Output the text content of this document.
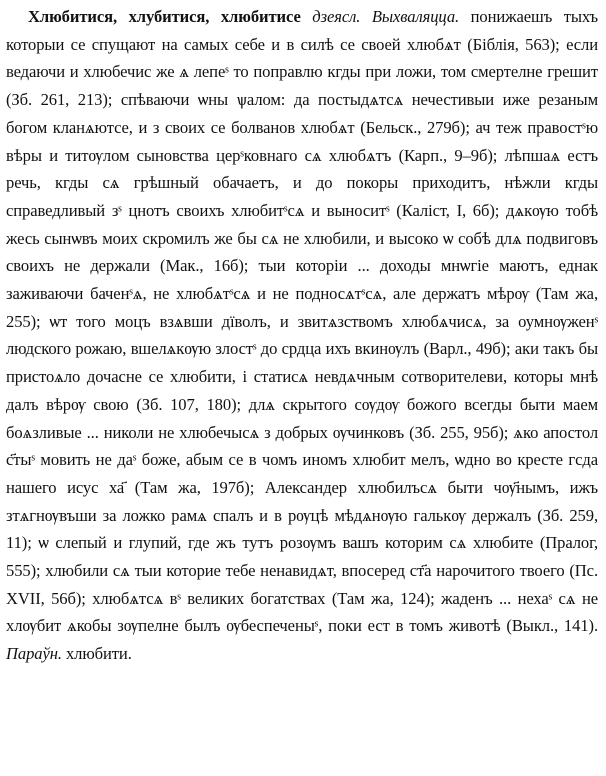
Хлюбитися, хлубитися, хлюбитисе дзеясл. Выхваляцца. понижаешъ тыхъ которыи се спущают на самых себе и в силѣ се своей хлюбѧт (Біблія, 563); если ведаючи и хлюбечис же ѧ лепеˢ то поправлю кгды при ложи, том смертелне грешит (Зб. 261, 213); спѣваючи ѡны ѱалом: да постыдѧтсѧ нечестивыи иже резаным богом кланѧютсе, и з своих се болванов хлюбѧт (Бельск., 279б); ач теж правостˢю вѣры и титѹлом сыновства церˢковнаго сѧ хлюбѧтъ (Карп., 9–9б); лѣпшаѧ естъ речь, кгды сѧ грѣшный обачаетъ, и до покоры приходитъ, нѣжли кгды справедливый зˢ цнотъ своихъ хлюбитˢсѧ и выноситˢ (Каліст, I, 6б); дѧкѹю тобѣ жесь сынѡвъ моих скромилъ же бы сѧ не хлюбили, и высоко ѡ собѣ длѧ подвиговъ своихъ не держали (Мак., 16б); тыи которіи ... доходы мнѡгіе маютъ, еднак заживаючи баченˢѧ, не хлюбѧтˢсѧ и не подносѧтˢсѧ, але держатъ мѣрѹ (Там жа, 255); ѡт того моцъ взѧвши дїволъ, и звитѧзствомъ хлюбѧчисѧ, за оумнѹженˢ людского рожаю, вшелѧкѹю злостˢ до срдца ихъ вкинѹлъ (Варл., 49б); аки такъ бы пристоѧло дочасне се хлюбити, і статисѧ невдѧчным сотворителеви, которы мнѣ далъ вѣрѹ свою (Зб. 107, 180); длѧ скрытого сѹдѹ божого всегды быти маем боѧзливые ... николи не хлюбечысѧ з добрых ѹчинковъ (Зб. 255, 95б); ѧко апостол с҃тыˢ мовить не даˢ боже, абым се в чомъ иномъ хлюбит мелъ, ѡдно во кресте гсда нашего исус ха҃ (Там жа, 197б); Александер хлюбилъсѧ быти чѹ҃нымъ, ижъ зтѧгнѹвъши за ложко рамѧ спалъ и в рѹцѣ мѣдѧнѹю галькѹ держалъ (Зб. 259, 11); ѡ слепый и глупий, где жъ тутъ розѹмъ вашъ которим сѧ хлюбите (Пралог, 555); хлюбили сѧ тыи которие тебе ненавидѧт, впосеред ст҃а нарочитого твоего (Пс. XVII, 56б); хлюбѧтсѧ вˢ великих богатствах (Там жа, 124); жаденъ ... нехаˢ сѧ не хлѹбит ѧкобы зѹпелне былъ ѹбеспеченыˢ, поки ест в томъ животѣ (Выкл., 141). Параўн. хлюбити.
